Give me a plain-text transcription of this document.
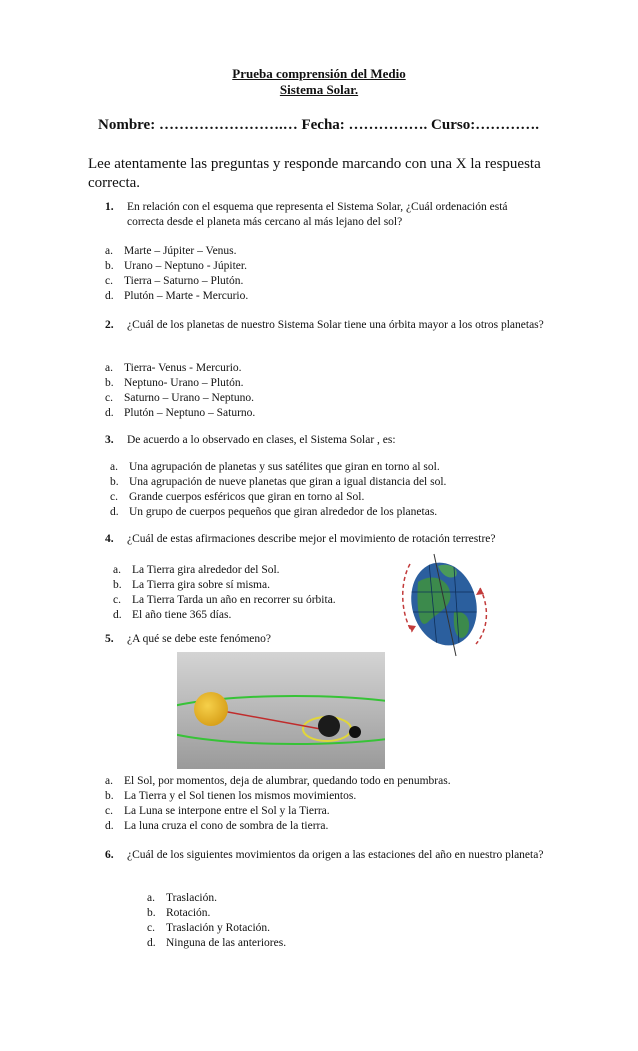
Prueba comprensión del Medio
Sistema Solar.
Nombre: …………………….… Fecha: ……………. Curso:………….
Lee atentamente las preguntas y responde marcando con una X la respuesta correcta.
1. En relación con el esquema que representa el Sistema Solar, ¿Cuál ordenación está correcta desde el planeta más cercano al más lejano del sol?
a. Marte – Júpiter – Venus.
b. Urano – Neptuno - Júpiter.
c. Tierra – Saturno – Plutón.
d. Plutón – Marte - Mercurio.
2. ¿Cuál de los planetas de nuestro Sistema Solar tiene una órbita mayor a los otros planetas?
a. Tierra- Venus - Mercurio.
b. Neptuno- Urano – Plutón.
c. Saturno – Urano – Neptuno.
d. Plutón – Neptuno – Saturno.
3. De acuerdo a lo observado en clases, el Sistema Solar , es:
a. Una agrupación de planetas y sus satélites que giran en torno al sol.
b. Una agrupación de nueve planetas que giran a igual distancia del sol.
c. Grande cuerpos esféricos que giran en torno al Sol.
d. Un grupo de cuerpos pequeños que giran alrededor de los planetas.
4. ¿Cuál de estas afirmaciones describe mejor el movimiento de rotación terrestre?
a. La Tierra gira alrededor del Sol.
b. La Tierra gira sobre sí misma.
c. La Tierra Tarda un año en recorrer su órbita.
d. El año tiene 365 días.
5. ¿A qué se debe este fenómeno?
a. El Sol, por momentos, deja de alumbrar, quedando todo en penumbras.
b. La Tierra y el Sol tienen los mismos movimientos.
c. La Luna se interpone entre el Sol y la Tierra.
d. La luna cruza el cono de sombra de la tierra.
6. ¿Cuál de los siguientes movimientos da origen a las estaciones del año en nuestro planeta?
a. Traslación.
b. Rotación.
c. Traslación y Rotación.
d. Ninguna de las anteriores.
